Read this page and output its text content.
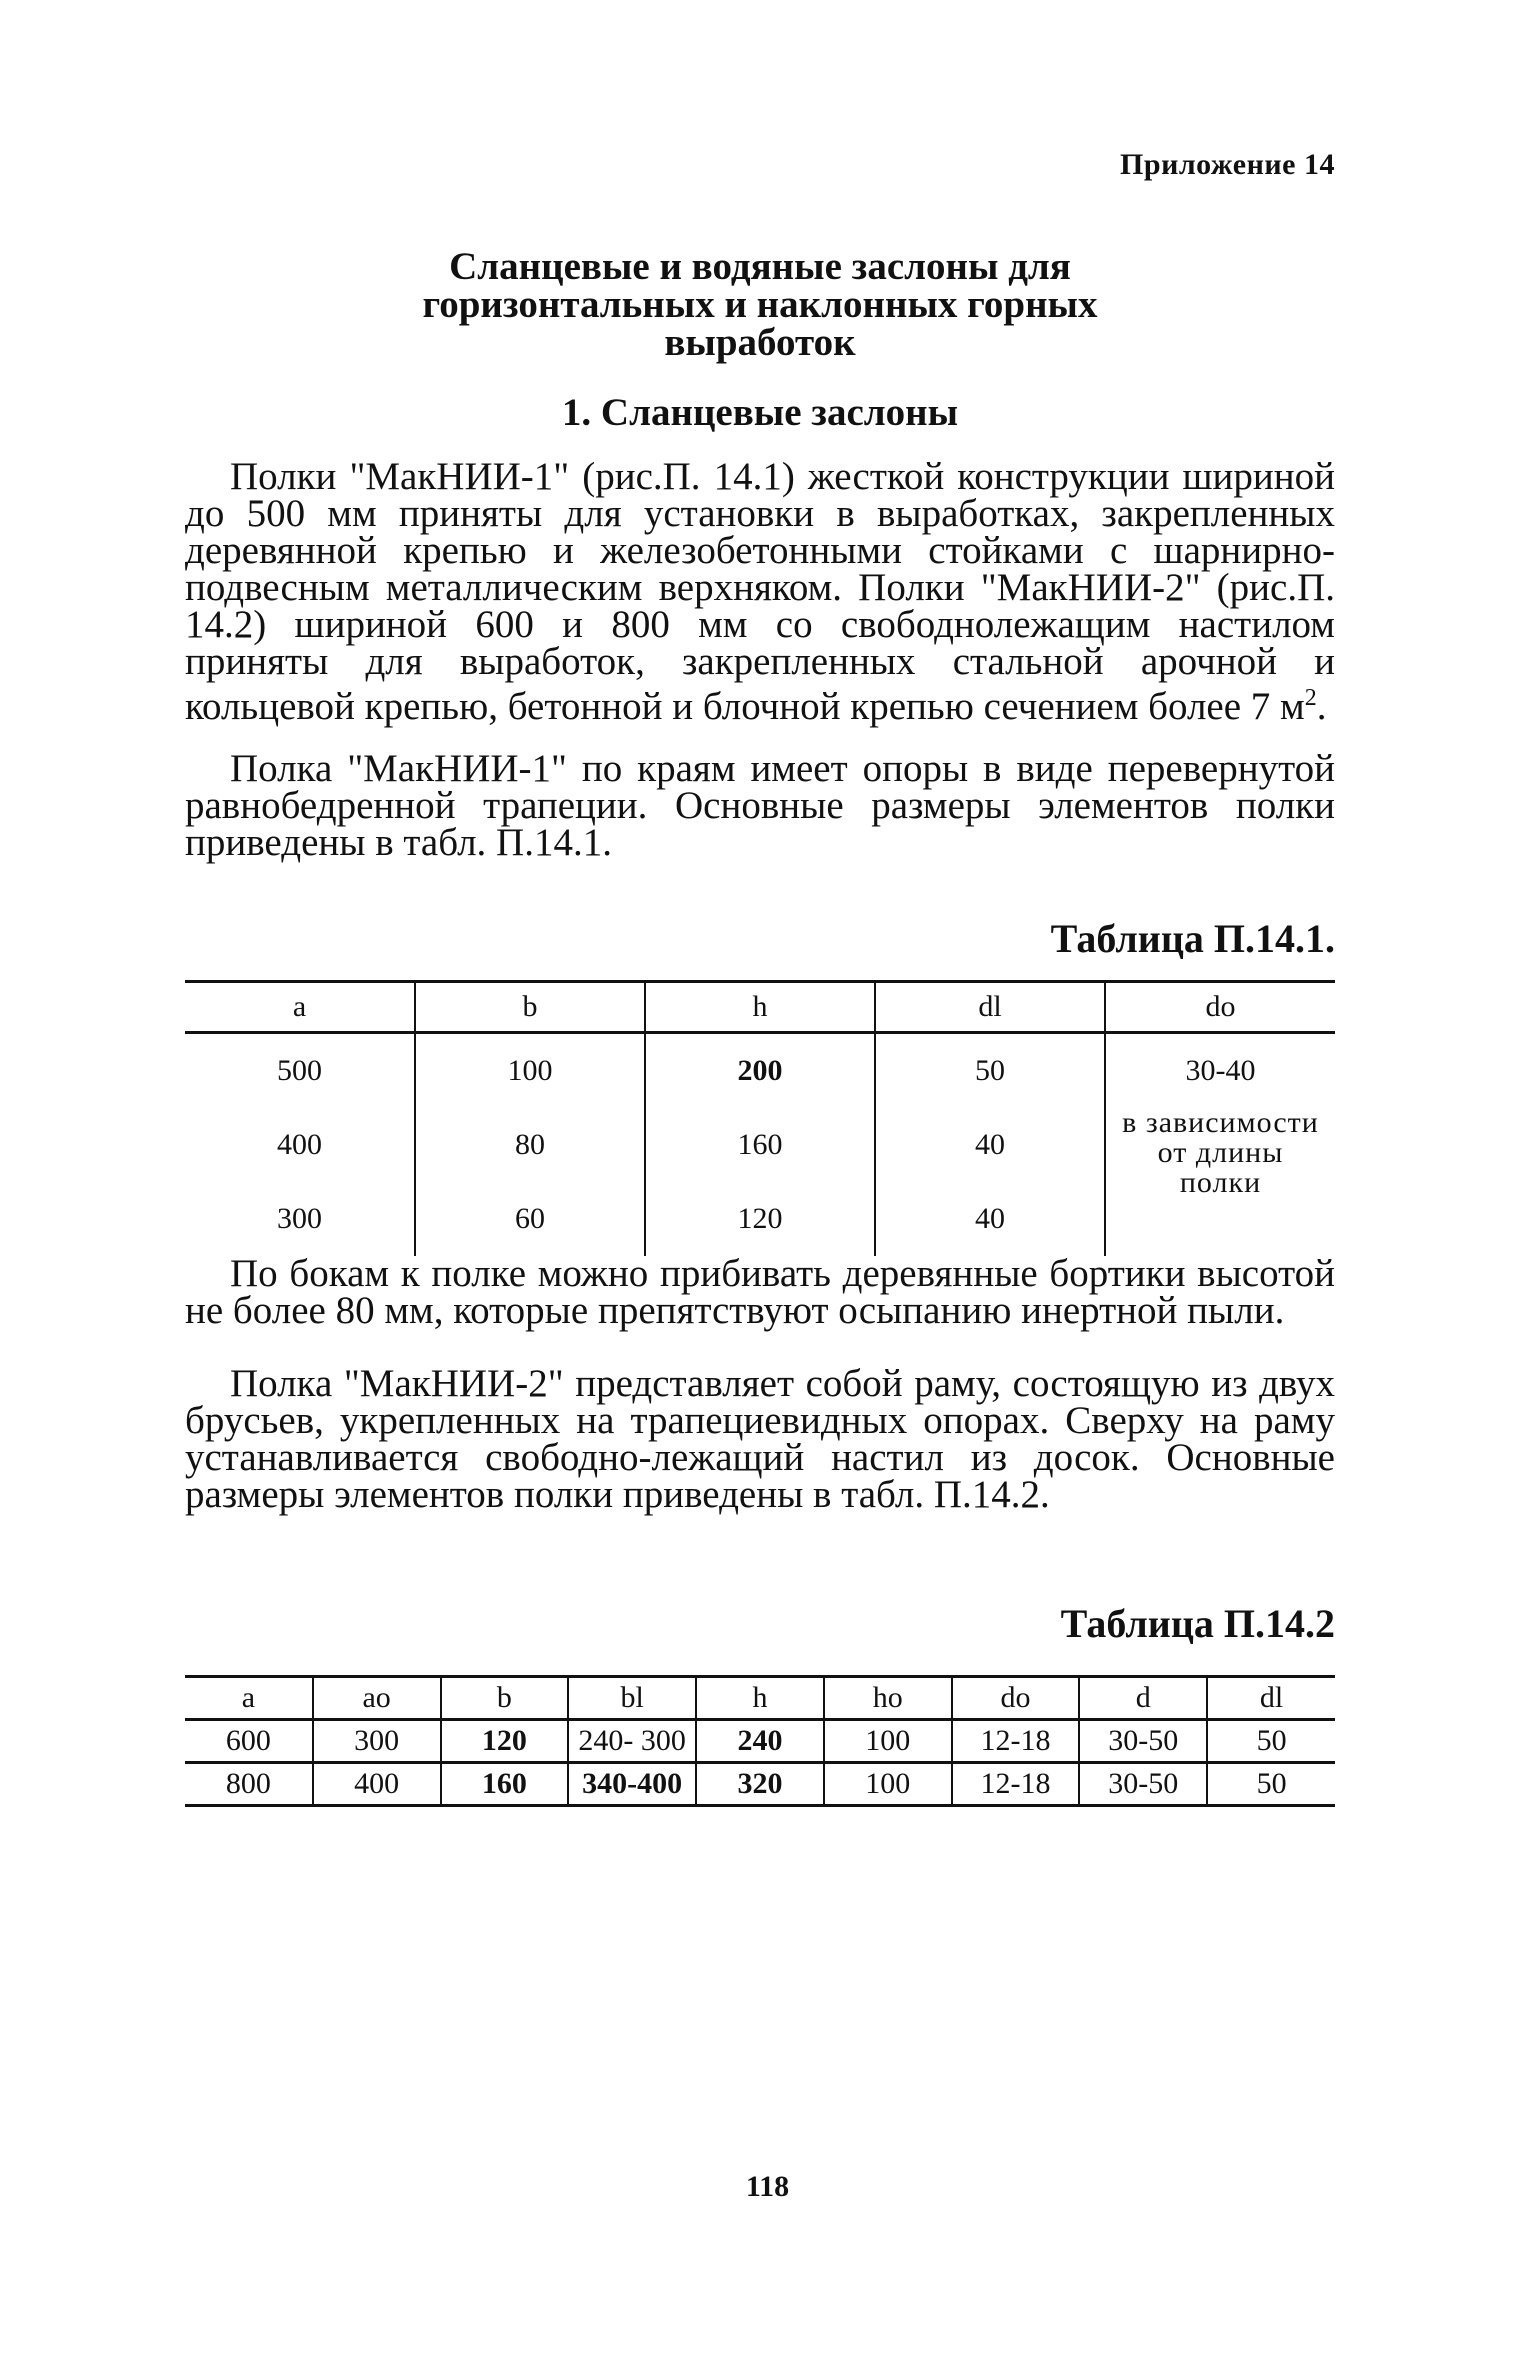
Приложение 14
Сланцевые и водяные заслоны для
горизонтальных и наклонных горных
выработок
1. Сланцевые заслоны

Полки "МакНИИ-1" (рис.П. 14.1) жесткой конструкции шириной до 500 мм приняты для установки в выработках, закрепленных деревянной крепью и железобетонными стойками с шарнирно-подвесным металлическим верхняком. Полки "МакНИИ-2" (рис.П. 14.2) шириной 600 и 800 мм со свободнолежащим настилом приняты для выработок, закрепленных стальной арочной и кольцевой крепью, бетонной и блочной крепью сечением более 7 $м^2$.

Полка "МакНИИ-1" по краям имеет опоры в виде перевернутой равнобедренной трапеции. Основные размеры элементов полки приведены в табл. П.14.1.

Таблица П.14.1.
a	b	h	dl	do
500	100	200	50	30-40
400	80	160	40	в зависимости от длины полки
300	60	120	40	

По бокам к полке можно прибивать деревянные бортики высотой не более 80 мм, которые препятствуют осыпанию инертной пыли.

Полка "МакНИИ-2" представляет собой раму, состоящую из двух брусьев, укрепленных на трапециевидных опорах. Сверху на раму устанавливается свободно-лежащий настил из досок. Основные размеры элементов полки приведены в табл. П.14.2.

Таблица П.14.2
a	ao	b	bl	h	ho	do	d	dl
600	300	120	240- 300	240	100	12-18	30-50	50
800	400	160	340-400	320	100	12-18	30-50	50
118
